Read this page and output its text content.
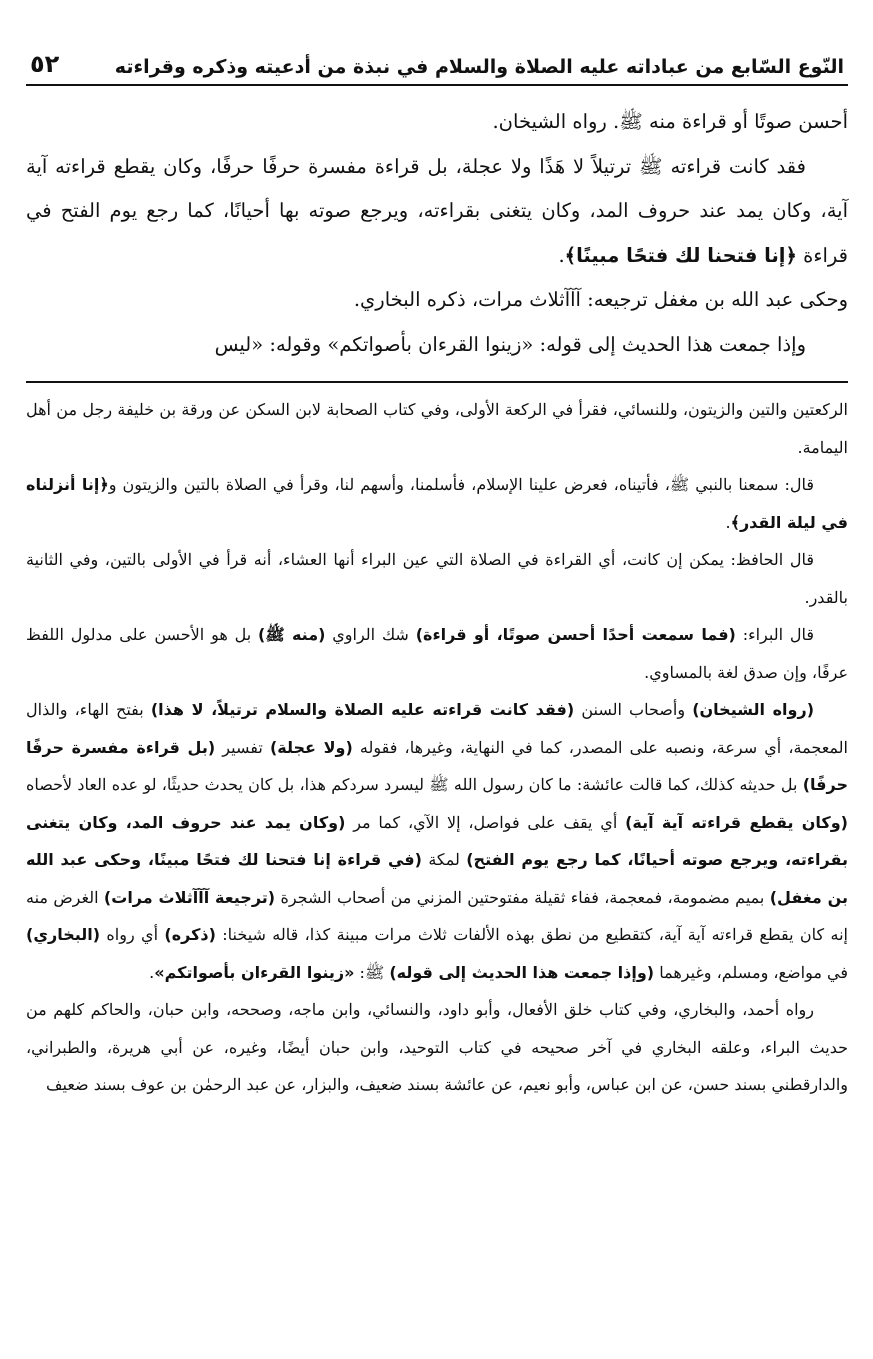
النّوع السّابع من عباداته عليه الصلاة والسلام في نبذة من أدعيته وذكره وقراءته
٥٢

أحسن صوتًا أو قراءة منه ﷺ. رواه الشيخان.

فقد كانت قراءته ﷺ ترتيلاً لا هَذًا ولا عجلة، بل قراءة مفسرة حرفًا حرفًا، وكان يقطع قراءته آية آية، وكان يمد عند حروف المد، وكان يتغنى بقراءته، ويرجع صوته بها أحيانًا، كما رجع يوم الفتح في قراءة ﴿إنا فتحنا لك فتحًا مبينًا﴾.

وحكى عبد الله بن مغفل ترجيعه: آآآثلاث مرات، ذكره البخاري.

وإذا جمعت هذا الحديث إلى قوله: «زينوا القرءان بأصواتكم» وقوله: «ليس

الركعتين والتين والزيتون، وللنسائي، فقرأ في الركعة الأولى، وفي كتاب الصحابة لابن السكن عن ورقة بن خليفة رجل من أهل اليمامة.

قال: سمعنا بالنبي ﷺ، فأتيناه، فعرض علينا الإسلام، فأسلمنا، وأسهم لنا، وقرأ في الصلاة بالتين والزيتون و﴿إنا أنزلناه في ليلة القدر﴾.

قال الحافظ: يمكن إن كانت، أي القراءة في الصلاة التي عين البراء أنها العشاء، أنه قرأ في الأولى بالتين، وفي الثانية بالقدر.

قال البراء: (فما سمعت أحدًا أحسن صوتًا، أو قراءة) شك الراوي (منه ﷺ) بل هو الأحسن على مدلول اللفظ عرفًا، وإن صدق لغة بالمساوي.

(رواه الشيخان) وأصحاب السنن (فقد كانت قراءته عليه الصلاة والسلام ترتيلاً، لا هذا) بفتح الهاء، والذال المعجمة، أي سرعة، ونصبه على المصدر، كما في النهاية، وغيرها، فقوله (ولا عجلة) تفسير (بل قراءة مفسرة حرفًا حرفًا) بل حديثه كذلك، كما قالت عائشة: ما كان رسول الله ﷺ ليسرد سردكم هذا، بل كان يحدث حديثًا، لو عده العاد لأحصاه (وكان يقطع قراءته آية آية) أي يقف على فواصل، إلا الآي، كما مر (وكان يمد عند حروف المد، وكان يتغنى بقراءته، ويرجع صوته أحيانًا، كما رجع يوم الفتح) لمكة (في قراءة إنا فتحنا لك فتحًا مبينًا، وحكى عبد الله بن مغفل) بميم مضمومة، فمعجمة، ففاء ثقيلة مفتوحتين المزني من أصحاب الشجرة (ترجيعة آآآثلاث مرات) الغرض منه إنه كان يقطع قراءته آية آية، كتقطيع من نطق بهذه الألفات ثلاث مرات مبينة كذا، قاله شيخنا: (ذكره) أي رواه (البخاري) في مواضع، ومسلم، وغيرهما (وإذا جمعت هذا الحديث إلى قوله) ﷺ: «زينوا القرءان بأصواتكم».

رواه أحمد، والبخاري، وفي كتاب خلق الأفعال، وأبو داود، والنسائي، وابن ماجه، وصححه، وابن حبان، والحاكم كلهم من حديث البراء، وعلقه البخاري في آخر صحيحه في كتاب التوحيد، وابن حبان أيضًا، وغيره، عن أبي هريرة، والطبراني، والدارقطني بسند حسن، عن ابن عباس، وأبو نعيم، عن عائشة بسند ضعيف، والبزار، عن عبد الرحمٰن بن عوف بسند ضعيف
